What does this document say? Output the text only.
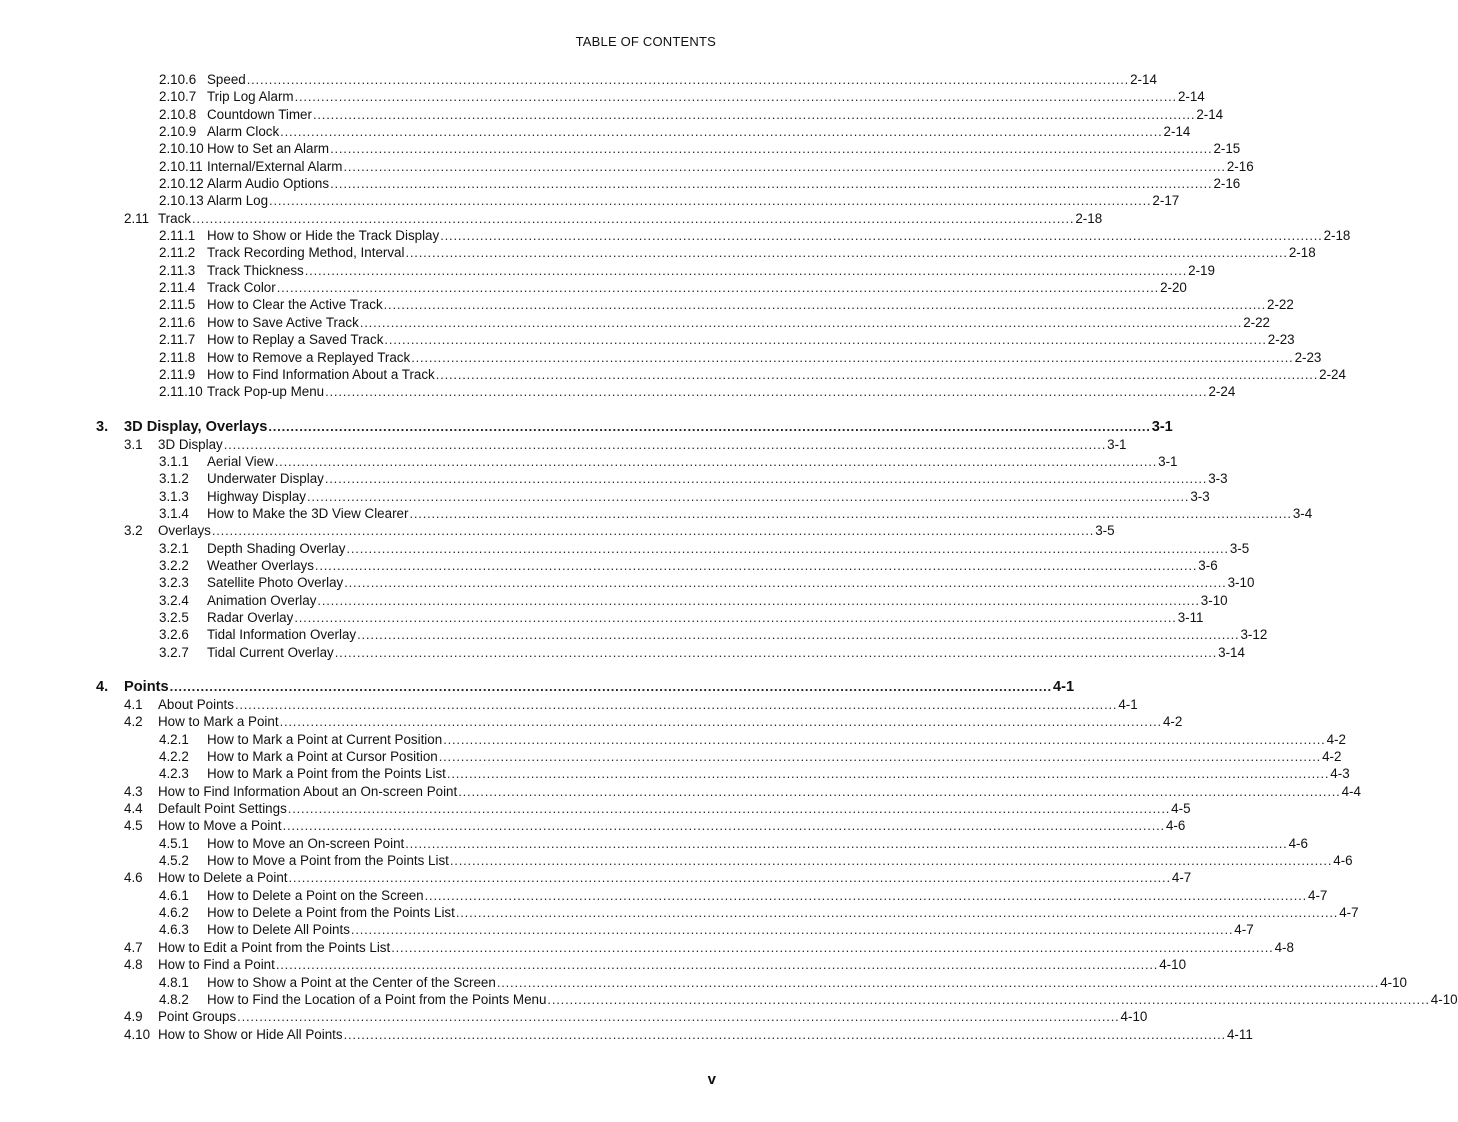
TABLE OF CONTENTS
2.10.6 Speed ........................................................................................................................................................................................................ 2-14
2.10.7 Trip Log Alarm ........................................................................................................................................................................................................ 2-14
2.10.8 Countdown Timer ........................................................................................................................................................................................................ 2-14
2.10.9 Alarm Clock ........................................................................................................................................................................................................ 2-14
2.10.10 How to Set an Alarm ........................................................................................................................................................................................................ 2-15
2.10.11 Internal/External Alarm ........................................................................................................................................................................................................ 2-16
2.10.12 Alarm Audio Options ........................................................................................................................................................................................................ 2-16
2.10.13 Alarm Log ........................................................................................................................................................................................................ 2-17
2.11 Track ........................................................................................................................................................................................................ 2-18
2.11.1 How to Show or Hide the Track Display ........................................................................................................................................................................................................ 2-18
2.11.2 Track Recording Method, Interval ........................................................................................................................................................................................................ 2-18
2.11.3 Track Thickness ........................................................................................................................................................................................................ 2-19
2.11.4 Track Color ........................................................................................................................................................................................................ 2-20
2.11.5 How to Clear the Active Track ........................................................................................................................................................................................................ 2-22
2.11.6 How to Save Active Track ........................................................................................................................................................................................................ 2-22
2.11.7 How to Replay a Saved Track ........................................................................................................................................................................................................ 2-23
2.11.8 How to Remove a Replayed Track ........................................................................................................................................................................................................ 2-23
2.11.9 How to Find Information About a Track ........................................................................................................................................................................................................ 2-24
2.11.10 Track Pop-up Menu ........................................................................................................................................................................................................ 2-24
3.	3D Display, Overlays ........................................................................................................................................................................................................ 3-1
3.1	3D Display ........................................................................................................................................................................................................ 3-1
3.1.1	Aerial View ........................................................................................................................................................................................................ 3-1
3.1.2	Underwater Display ........................................................................................................................................................................................................ 3-3
3.1.3	Highway Display ........................................................................................................................................................................................................ 3-3
3.1.4	How to Make the 3D View Clearer ........................................................................................................................................................................................................ 3-4
3.2	Overlays ........................................................................................................................................................................................................ 3-5
3.2.1	Depth Shading Overlay ........................................................................................................................................................................................................ 3-5
3.2.2	Weather Overlays ........................................................................................................................................................................................................ 3-6
3.2.3	Satellite Photo Overlay ........................................................................................................................................................................................................ 3-10
3.2.4	Animation Overlay ........................................................................................................................................................................................................ 3-10
3.2.5	Radar Overlay ........................................................................................................................................................................................................ 3-11
3.2.6	Tidal Information Overlay ........................................................................................................................................................................................................ 3-12
3.2.7	Tidal Current Overlay ........................................................................................................................................................................................................ 3-14
4.	Points ........................................................................................................................................................................................................ 4-1
4.1	About Points ........................................................................................................................................................................................................ 4-1
4.2	How to Mark a Point ........................................................................................................................................................................................................ 4-2
4.2.1	How to Mark a Point at Current Position ........................................................................................................................................................................................................ 4-2
4.2.2	How to Mark a Point at Cursor Position ........................................................................................................................................................................................................ 4-2
4.2.3	How to Mark a Point from the Points List ........................................................................................................................................................................................................ 4-3
4.3	How to Find Information About an On-screen Point ........................................................................................................................................................................................................ 4-4
4.4	Default Point Settings ........................................................................................................................................................................................................ 4-5
4.5	How to Move a Point ........................................................................................................................................................................................................ 4-6
4.5.1	How to Move an On-screen Point ........................................................................................................................................................................................................ 4-6
4.5.2	How to Move a Point from the Points List ........................................................................................................................................................................................................ 4-6
4.6	How to Delete a Point ........................................................................................................................................................................................................ 4-7
4.6.1	How to Delete a Point on the Screen ........................................................................................................................................................................................................ 4-7
4.6.2	How to Delete a Point from the Points List ........................................................................................................................................................................................................ 4-7
4.6.3	How to Delete All Points ........................................................................................................................................................................................................ 4-7
4.7	How to Edit a Point from the Points List ........................................................................................................................................................................................................ 4-8
4.8	How to Find a Point ........................................................................................................................................................................................................ 4-10
4.8.1	How to Show a Point at the Center of the Screen ........................................................................................................................................................................................................ 4-10
4.8.2	How to Find the Location of a Point from the Points Menu ........................................................................................................................................................................................................ 4-10
4.9	Point Groups ........................................................................................................................................................................................................ 4-10
4.10 How to Show or Hide All Points ........................................................................................................................................................................................................ 4-11
v
